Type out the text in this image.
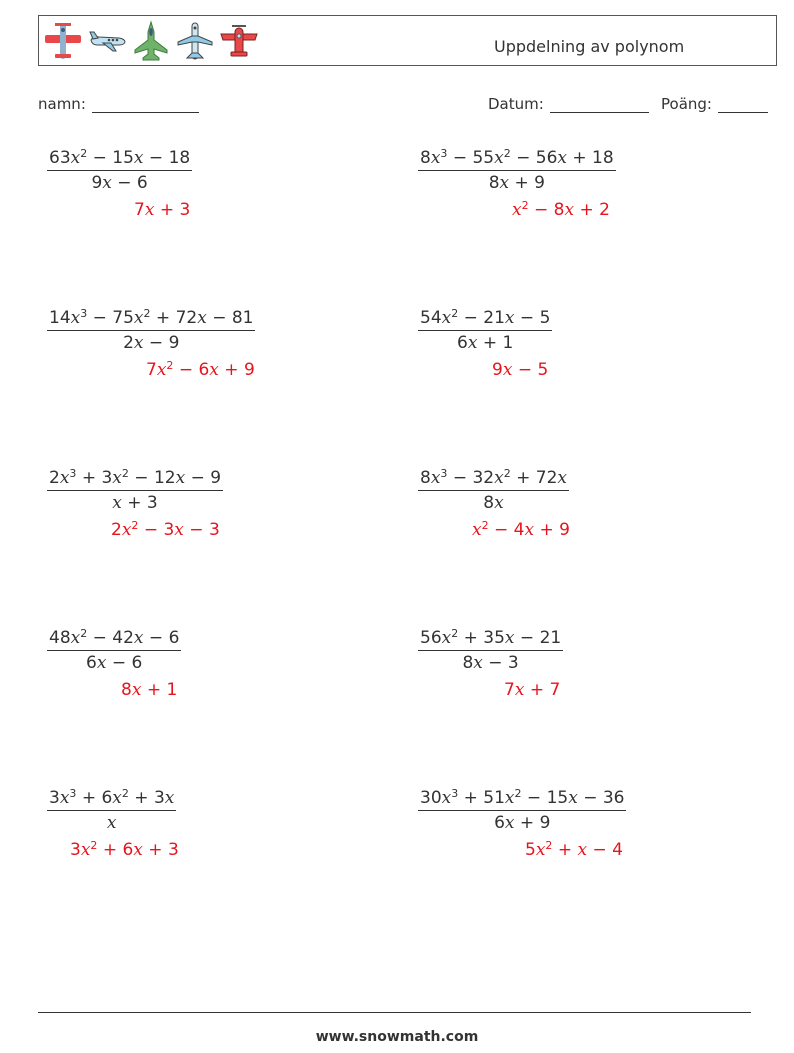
Uppdelning av polynom
namn:	Datum:	Poäng:
$\frac{63x^2 - 15x - 18}{9x - 6}$
7x + 3
$\frac{8x^3 - 55x^2 - 56x + 18}{8x + 9}$
$x^2 - 8x + 2$
$\frac{14x^3 - 75x^2 + 72x - 81}{2x - 9}$
$7x^2 - 6x + 9$
$\frac{54x^2 - 21x - 5}{6x + 1}$
9x − 5
$\frac{2x^3 + 3x^2 - 12x - 9}{x + 3}$
$2x^2 - 3x - 3$
$\frac{8x^3 - 32x^2 + 72x}{8x}$
$x^2 - 4x + 9$
$\frac{48x^2 - 42x - 6}{6x - 6}$
8x + 1
$\frac{56x^2 + 35x - 21}{8x - 3}$
7x + 7
$\frac{3x^3 + 6x^2 + 3x}{x}$
$3x^2 + 6x + 3$
$\frac{30x^3 + 51x^2 - 15x - 36}{6x + 9}$
$5x^2 + x - 4$
www.snowmath.com
